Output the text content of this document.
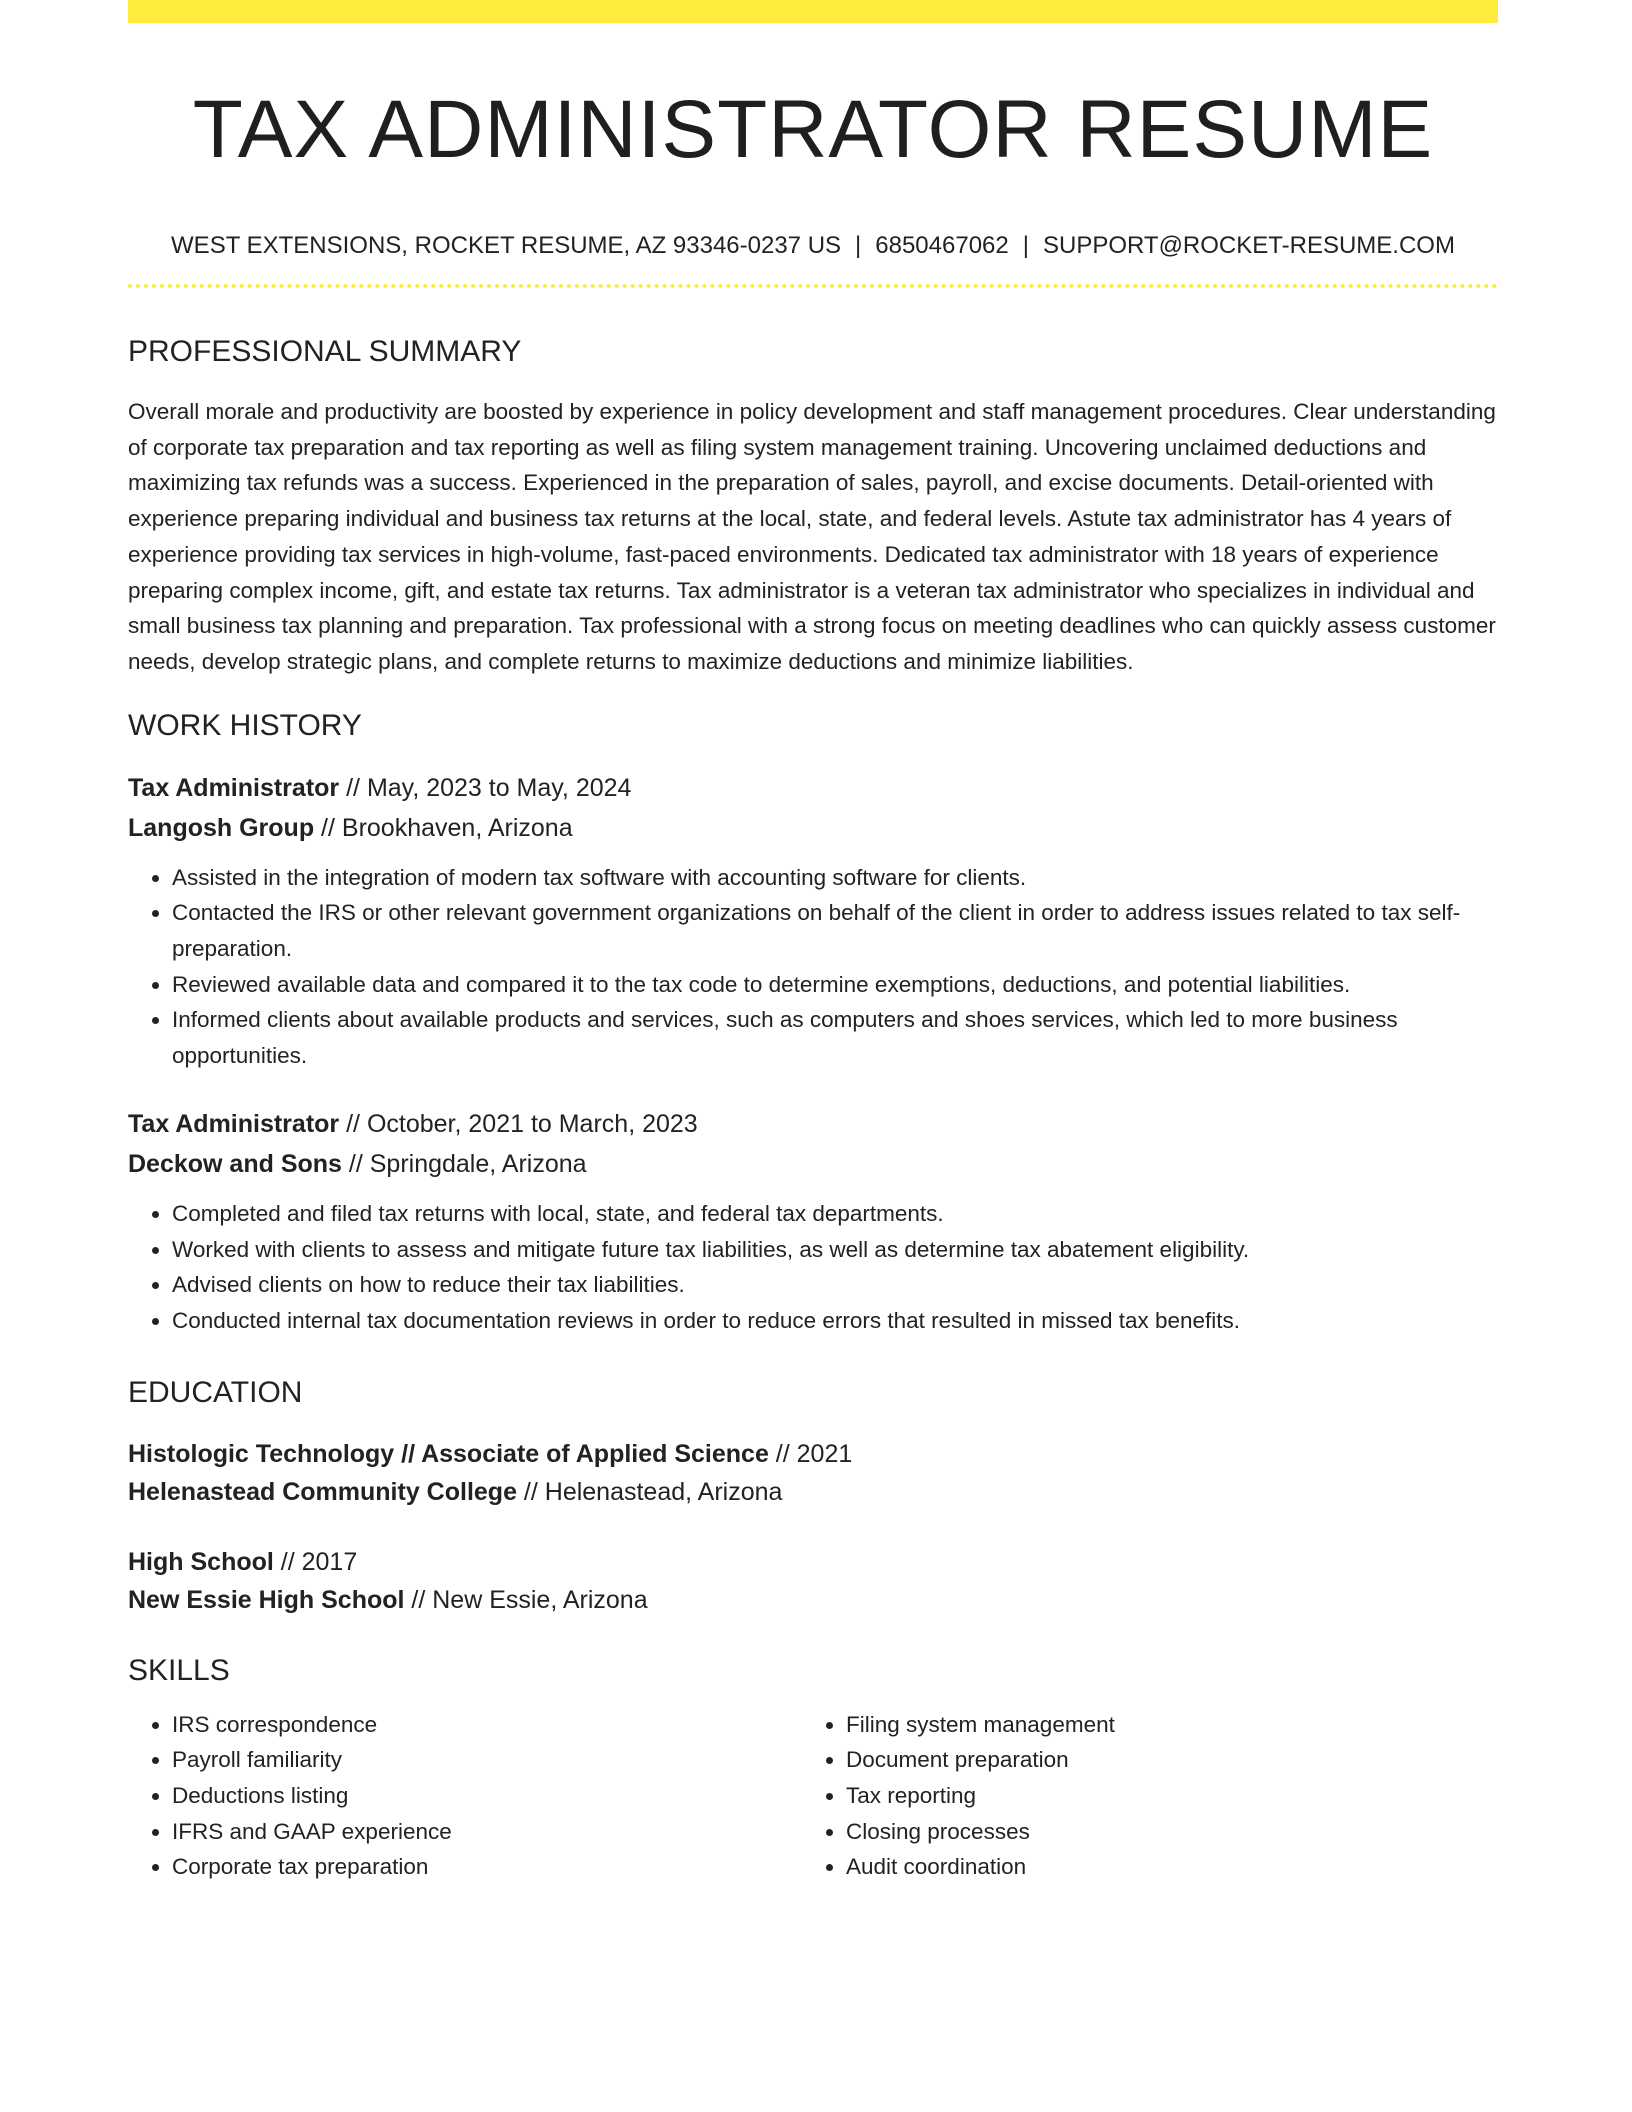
TAX ADMINISTRATOR RESUME
WEST EXTENSIONS, ROCKET RESUME, AZ 93346-0237 US | 6850467062 | SUPPORT@ROCKET-RESUME.COM
PROFESSIONAL SUMMARY

Overall morale and productivity are boosted by experience in policy development and staff management procedures. Clear understanding of corporate tax preparation and tax reporting as well as filing system management training. Uncovering unclaimed deductions and maximizing tax refunds was a success. Experienced in the preparation of sales, payroll, and excise documents. Detail-oriented with experience preparing individual and business tax returns at the local, state, and federal levels. Astute tax administrator has 4 years of experience providing tax services in high-volume, fast-paced environments. Dedicated tax administrator with 18 years of experience preparing complex income, gift, and estate tax returns. Tax administrator is a veteran tax administrator who specializes in individual and small business tax planning and preparation. Tax professional with a strong focus on meeting deadlines who can quickly assess customer needs, develop strategic plans, and complete returns to maximize deductions and minimize liabilities.

WORK HISTORY
Tax Administrator // May, 2023 to May, 2024
Langosh Group // Brookhaven, Arizona
• Assisted in the integration of modern tax software with accounting software for clients.
• Contacted the IRS or other relevant government organizations on behalf of the client in order to address issues related to tax self-preparation.
• Reviewed available data and compared it to the tax code to determine exemptions, deductions, and potential liabilities.
• Informed clients about available products and services, such as computers and shoes services, which led to more business opportunities.
Tax Administrator // October, 2021 to March, 2023
Deckow and Sons // Springdale, Arizona
• Completed and filed tax returns with local, state, and federal tax departments.
• Worked with clients to assess and mitigate future tax liabilities, as well as determine tax abatement eligibility.
• Advised clients on how to reduce their tax liabilities.
• Conducted internal tax documentation reviews in order to reduce errors that resulted in missed tax benefits.
EDUCATION
Histologic Technology // Associate of Applied Science // 2021
Helenastead Community College // Helenastead, Arizona
High School // 2017
New Essie High School // New Essie, Arizona
SKILLS
• IRS correspondence
• Payroll familiarity
• Deductions listing
• IFRS and GAAP experience
• Corporate tax preparation
• Filing system management
• Document preparation
• Tax reporting
• Closing processes
• Audit coordination
